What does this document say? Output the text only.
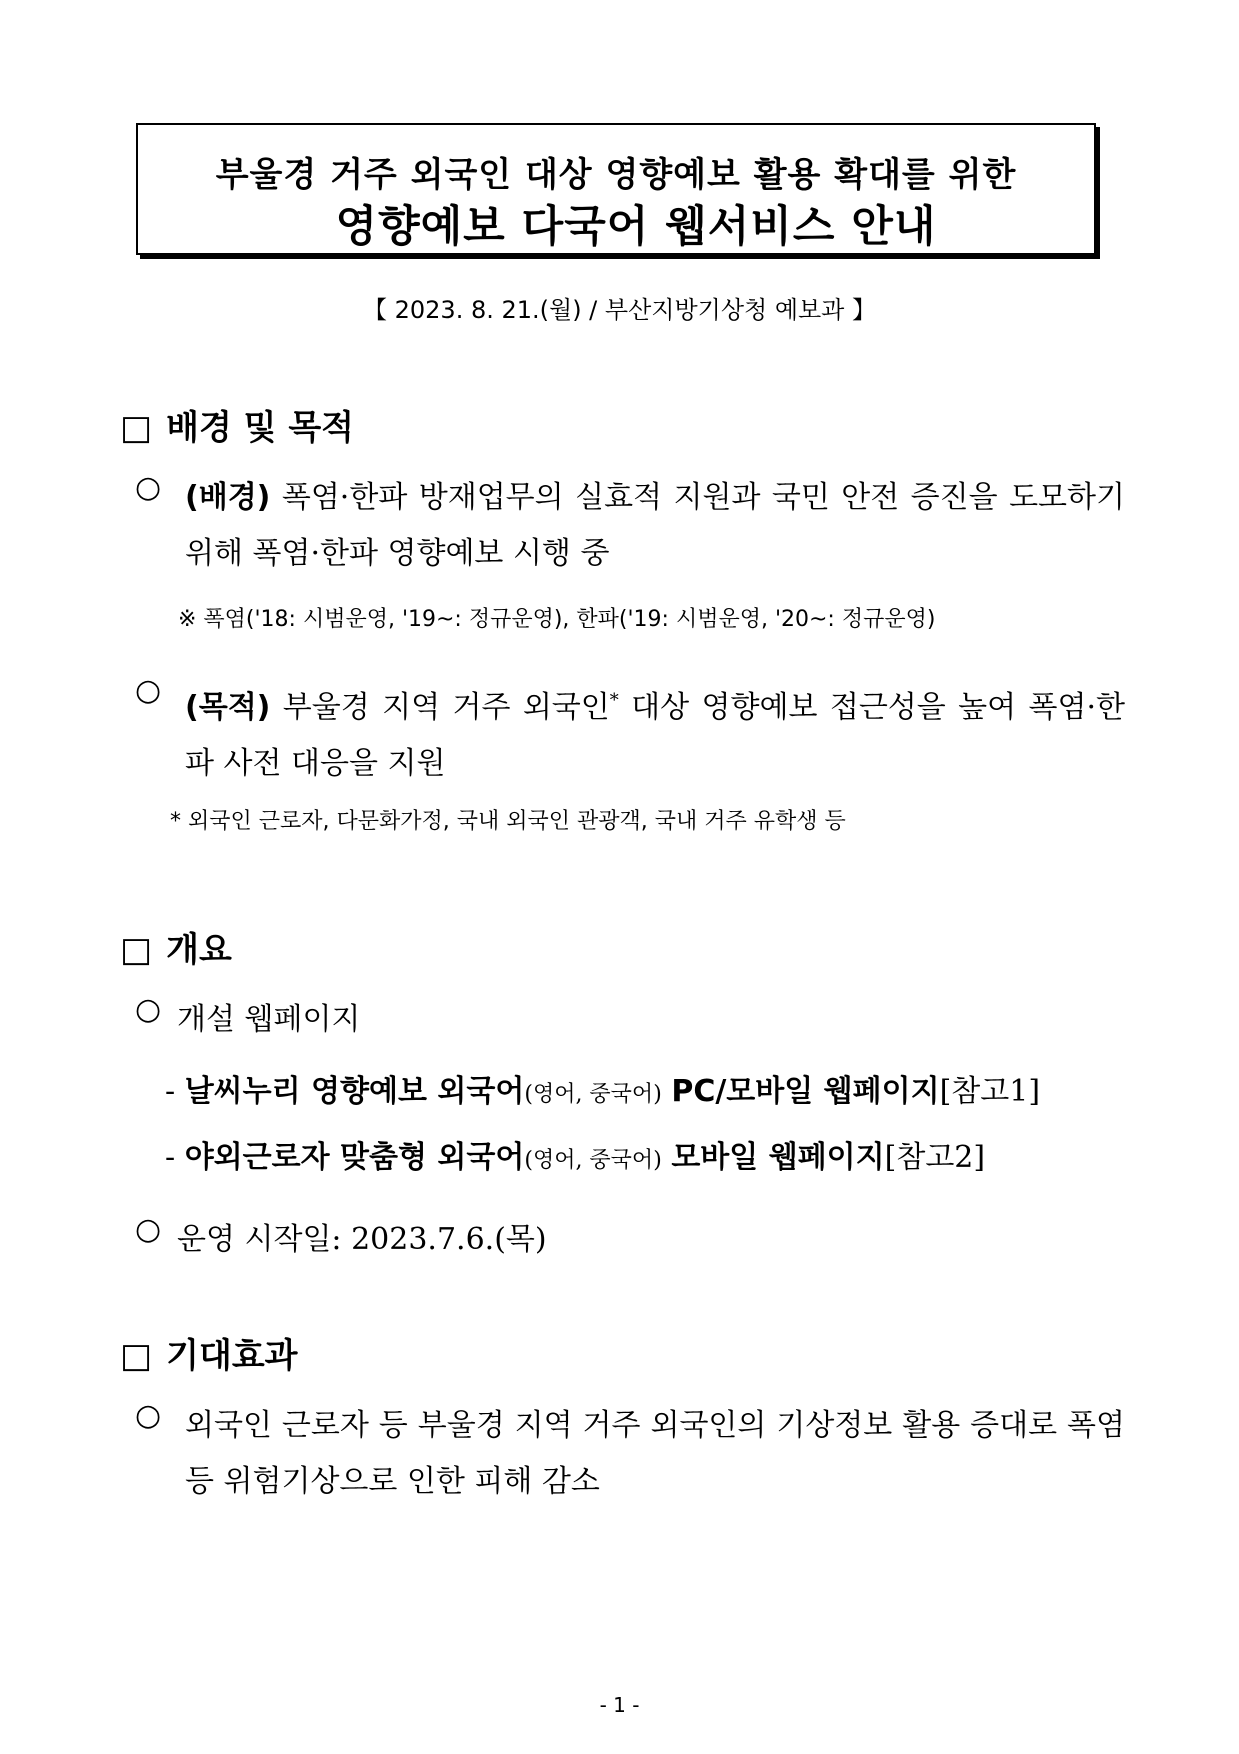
부울경 거주 외국인 대상 영향예보 활용 확대를 위한
영향예보 다국어 웹서비스 안내
【 2023. 8. 21.(월) / 부산지방기상청 예보과 】
□ 배경 및 목적
○ (배경) 폭염·한파 방재업무의 실효적 지원과 국민 안전 증진을 도모하기 위해 폭염·한파 영향예보 시행 중
※ 폭염('18: 시범운영, '19~: 정규운영), 한파('19: 시범운영, '20~: 정규운영)
○ (목적) 부울경 지역 거주 외국인* 대상 영향예보 접근성을 높여 폭염·한파 사전 대응을 지원
* 외국인 근로자, 다문화가정, 국내 외국인 관광객, 국내 거주 유학생 등
□ 개요
○ 개설 웹페이지
- 날씨누리 영향예보 외국어(영어, 중국어) PC/모바일 웹페이지[참고1]
- 야외근로자 맞춤형 외국어(영어, 중국어) 모바일 웹페이지[참고2]
○ 운영 시작일: 2023.7.6.(목)
□ 기대효과
○ 외국인 근로자 등 부울경 지역 거주 외국인의 기상정보 활용 증대로 폭염 등 위험기상으로 인한 피해 감소
- 1 -
